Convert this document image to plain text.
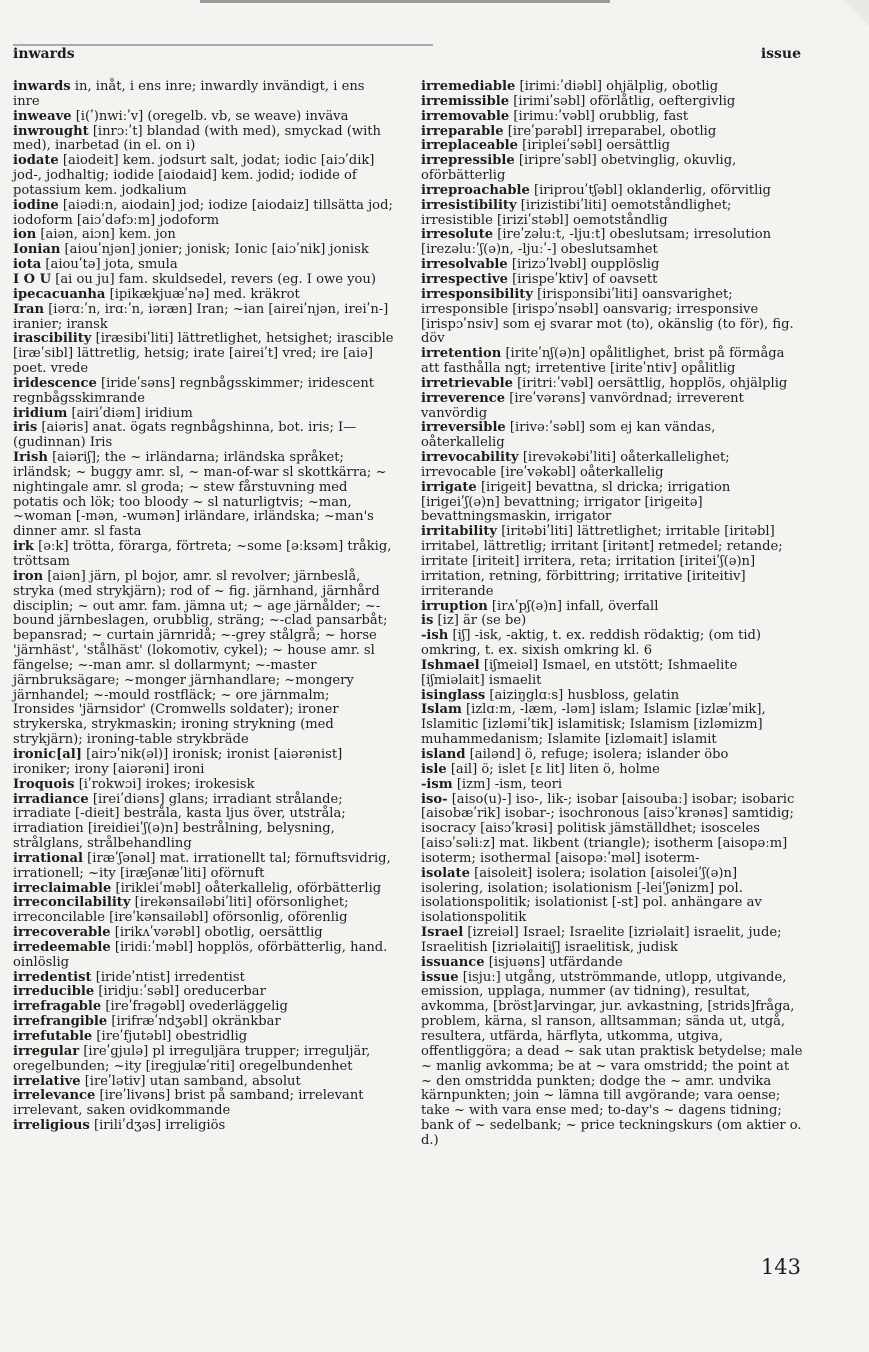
inwards	issue

inwards in, inåt, i ens inre; inwardly invändigt, i ens inre

inweave [i(ʹ)nwiːʹv] (oregelb. vb, se weave) inväva

inwrought [inrɔːʹt] blandad (with med), smyckad (with med), inarbetad (in el. on i)

iodate [aiodeit] kem. jodsurt salt, jodat; iodic [aiɔʹdik] jod-, jodhaltig; iodide [aiodaid] kem. jodid; iodide of potassium kem. jodkalium

iodine [aiədiːn, aiodain] jod; iodize [aiodaiz] tillsätta jod; iodoform [aiɔʹdəfɔːm] jodoform

ion [aiən, aiɔn] kem. jon

Ionian [aiouʹnjən] jonier; jonisk; Ionic [aiɔʹnik] jonisk

iota [aiouʹtə] jota, smula

I O U [ai ou ju] fam. skuldsedel, revers (eg. I owe you)

ipecacuanha [ipikækjuæʹnə] med. kräkrot

Iran [iərɑːʹn, irɑːʹn, iəræn] Iran; ~ian [aireiʹnjən, ireiʹn-] iranier; iransk

irascibility [iræsibiʹliti] lättretlighet, hetsighet; irascible [iræʹsibl] lättretlig, hetsig; irate [aireiʹt] vred; ire [aiə] poet. vrede

iridescence [irideʹsəns] regnbågsskimmer; iridescent regnbågsskimrande

iridium [airiʹdiəm] iridium

iris [aiəris] anat. ögats regnbågshinna, bot. iris; I— (gudinnan) Iris

Irish [aiəriʃ]; the ~ irländarna; irländska språket; irländsk; ~ buggy amr. sl, ~ man-of-war sl skottkärra; ~ nightingale amr. sl groda; ~ stew fårstuvning med potatis och lök; too bloody ~ sl naturligtvis; ~man, ~woman [-mən, -wumən] irländare, irländska; ~man's dinner amr. sl fasta

irk [əːk] trötta, förarga, förtreta; ~some [əːksəm] tråkig, tröttsam

iron [aiən] järn, pl bojor, amr. sl revolver; järnbeslå, stryka (med strykjärn); rod of ~ fig. järnhand, järnhård disciplin; ~ out amr. fam. jämna ut; ~ age järnålder; ~-bound järnbeslagen, orubblig, sträng; ~-clad pansarbåt; bepansrad; ~ curtain järnridå; ~-grey stålgrå; ~ horse 'järnhäst', 'stålhäst' (lokomotiv, cykel); ~ house amr. sl fängelse; ~-man amr. sl dollarmynt; ~-master järnbruksägare; ~monger järnhandlare; ~mongery järnhandel; ~-mould rostfläck; ~ ore järnmalm; Ironsides 'järnsidor' (Cromwells soldater); ironer strykerska, strykmaskin; ironing strykning (med strykjärn); ironing-table strykbräde

ironic[al] [airɔʹnik(əl)] ironisk; ironist [aiərənist] ironiker; irony [aiərəni] ironi

Iroquois [iʹrokwɔi] irokes; irokesisk

irradiance [ireiʹdiəns] glans; irradiant strålande; irradiate [-dieit] bestråla, kasta ljus över, utstråla; irradiation [ireidieiʹʃ(ə)n] bestrålning, belysning, strålglans, strålbehandling

irrational [iræʹʃənəl] mat. irrationellt tal; förnuftsvidrig, irrationell; ~ity [iræʃənæʹliti] oförnuft

irreclaimable [irikleiʹməbl] oåterkallelig, oförbätterlig

irreconcilability [irekənsailəbiʹliti] oförsonlighet; irreconcilable [ireʹkənsailəbl] oförsonlig, oförenlig

irrecoverable [irikʌʹvərəbl] obotlig, oersättlig

irredeemable [iridiːʹməbl] hopplös, oförbätterlig, hand. oinlöslig

irredentist [irideʹntist] irredentist

irreducible [iridjuːʹsəbl] oreducerbar

irrefragable [ireʹfrəgəbl] ovederläggelig

irrefrangible [irifræʹndʒəbl] okränkbar

irrefutable [ireʹfjutəbl] obestridlig

irregular [ireʹgjulə] pl irreguljära trupper; irreguljär, oregelbunden; ~ity [iregjulæʹriti] oregelbundenhet

irrelative [ireʹlətiv] utan samband, absolut

irrelevance [ireʹlivəns] brist på samband; irrelevant irrelevant, saken ovidkommande

irreligious [iriliʹdʒəs] irreligiös

irremediable [irimiːʹdiəbl] ohjälplig, obotlig

irremissible [irimiʹsəbl] oförlåtlig, oeftergivlig

irremovable [irimuːʹvəbl] orubblig, fast

irreparable [ireʹpərəbl] irreparabel, obotlig

irreplaceable [iripleiʹsəbl] oersättlig

irrepressible [iripreʹsəbl] obetvinglig, okuvlig, oförbätterlig

irreproachable [iriprouʹtʃəbl] oklanderlig, oförvitlig

irresistibility [irizistibiʹliti] oemotståndlighet; irresistible [iriziʹstəbl] oemotståndlig

irresolute [ireʹzəluːt, -ljuːt] obeslutsam; irresolution [irezəluːʹʃ(ə)n, -ljuːʹ-] obeslutsamhet

irresolvable [irizɔʹlvəbl] oupplöslig

irrespective [irispeʹktiv] of oavsett

irresponsibility [irispɔnsibiʹliti] oansvarighet; irresponsible [irispɔʹnsəbl] oansvarig; irresponsive [irispɔʹnsiv] som ej svarar mot (to), okänslig (to för), fig. döv

irretention [iriteʹnʃ(ə)n] opålitlighet, brist på förmåga att fasthålla ngt; irretentive [iriteʹntiv] opålitlig

irretrievable [iritriːʹvəbl] oersättlig, hopplös, ohjälplig

irreverence [ireʹvərəns] vanvördnad; irreverent vanvördig

irreversible [irivəːʹsəbl] som ej kan vändas, oåterkallelig

irrevocability [irevəkəbiʹliti] oåterkallelighet; irrevocable [ireʹvəkəbl] oåterkallelig

irrigate [irigeit] bevattna, sl dricka; irrigation [irigeiʹʃ(ə)n] bevattning; irrigator [irigeitə] bevattningsmaskin, irrigator

irritability [iritəbiʹliti] lättretlighet; irritable [iritəbl] irritabel, lättretlig; irritant [iritənt] retmedel; retande; irritate [iriteit] irritera, reta; irritation [iriteiʹʃ(ə)n] irritation, retning, förbittring; irritative [iriteitiv] irriterande

irruption [irʌʹpʃ(ə)n] infall, överfall

is [iz] är (se be)

-ish [iʃ] -isk, -aktig, t. ex. reddish rödaktig; (om tid) omkring, t. ex. sixish omkring kl. 6

Ishmael [iʃmeiəl] Ismael, en utstött; Ishmaelite [iʃmiəlait] ismaelit

isinglass [aiziŋglɑːs] husbloss, gelatin

Islam [izlɑːm, -læm, -ləm] islam; Islamic [izlæʹmik], Islamitic [izləmiʹtik] islamitisk; Islamism [izləmizm] muhammedanism; Islamite [izləmait] islamit

island [ailənd] ö, refuge; isolera; islander öbo

isle [ail] ö; islet [ɛ lit] liten ö, holme

-ism [izm] -ism, teori

iso- [aiso(u)-] iso-, lik-; isobar [aisoubaː] isobar; isobaric [aisobæʹrik] isobar-; isochronous [aisɔʹkrənəs] samtidig; isocracy [aisɔʹkrəsi] politisk jämställdhet; isosceles [aisɔʹsəliːz] mat. likbent (triangle); isotherm [aisopəːm] isoterm; isothermal [aisopəːʹməl] isoterm-

isolate [aisoleit] isolera; isolation [aisoleiʹʃ(ə)n] isolering, isolation; isolationism [-leiʹʃənizm] pol. isolationspolitik; isolationist [-st] pol. anhängare av isolationspolitik

Israel [izreiəl] Israel; Israelite [izriəlait] israelit, jude; Israelitish [izriəlaitiʃ] israelitisk, judisk

issuance [isjuəns] utfärdande

issue [isjuː] utgång, utströmmande, utlopp, utgivande, emission, upplaga, nummer (av tidning), resultat, avkomma, [bröst]arvingar, jur. avkastning, [strids]fråga, problem, kärna, sl ranson, alltsamman; sända ut, utgå, resultera, utfärda, härflyta, utkomma, utgiva, offentliggöra; a dead ~ sak utan praktisk betydelse; male ~ manlig avkomma; be at ~ vara omstridd; the point at ~ den omstridda punkten; dodge the ~ amr. undvika kärnpunkten; join ~ lämna till avgörande; vara oense; take ~ with vara ense med; to-day's ~ dagens tidning; bank of ~ sedelbank; ~ price teckningskurs (om aktier o. d.)

143
